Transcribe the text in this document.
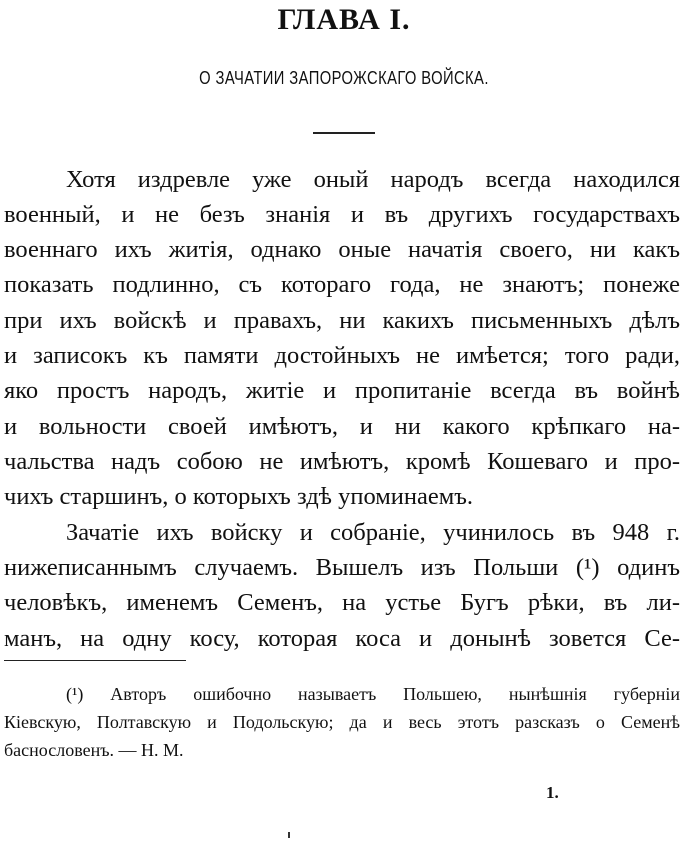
ГЛАВА I.
О ЗАЧАТИИ ЗАПОРОЖСКАГО ВОЙСКА.
Хотя издревле уже оный народъ всегда находился
военный, и не безъ знанія и въ другихъ государствахъ
военнаго ихъ житія, однако оные начатія своего, ни какъ
показать подлинно, съ котораго года, не знаютъ; понеже
при ихъ войскѣ и правахъ, ни какихъ письменныхъ дѣлъ
и записокъ къ памяти достойныхъ не имѣется; того ради,
яко простъ народъ, житіе и пропитаніе всегда въ войнѣ
и вольности своей имѣютъ, и ни какого крѣпкаго на-
чальства надъ собою не имѣютъ, кромѣ Кошеваго и про-
чихъ старшинъ, о которыхъ здѣ упоминаемъ.
Зачатіе ихъ войску и собраніе, учинилось въ 948 г.
нижеписаннымъ случаемъ. Вышелъ изъ Польши (¹) одинъ
человѣкъ, именемъ Семенъ, на устье Бугъ рѣки, въ ли-
манъ, на одну косу, которая коса и донынѣ зовется Се-
(¹) Авторъ ошибочно называетъ Польшею, нынѣшнія губерніи
Кіевскую, Полтавскую и Подольскую; да и весь этотъ разсказъ о Семенѣ
баснословенъ. — Н. М.
1.
